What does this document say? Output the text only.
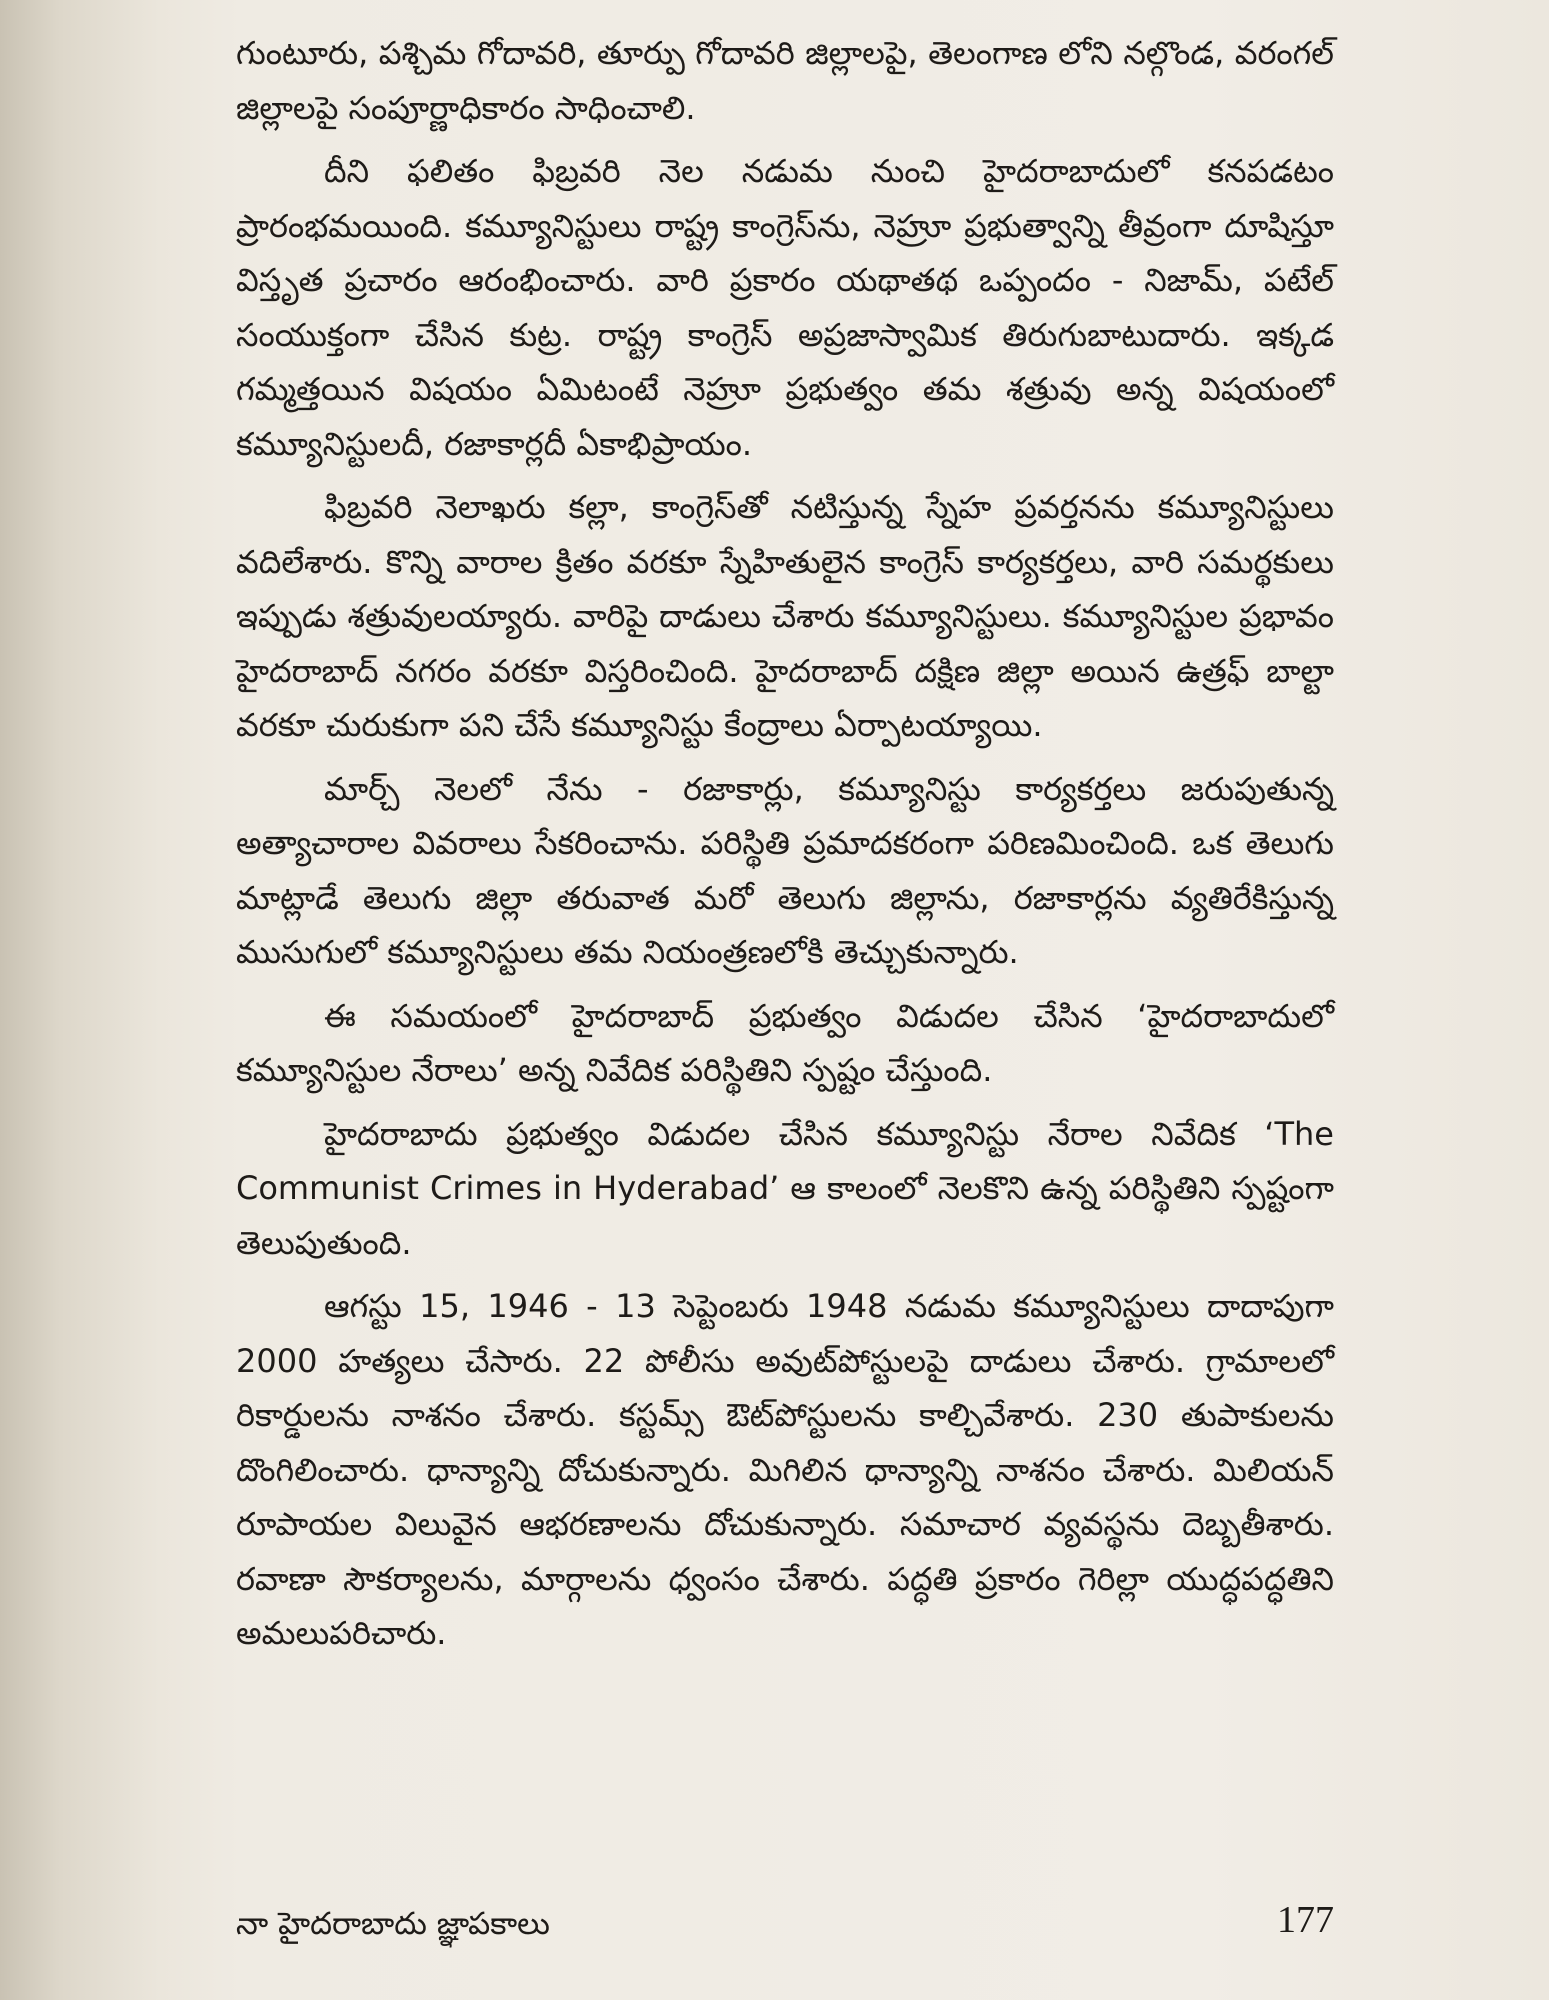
గుంటూరు, పశ్చిమ గోదావరి, తూర్పు గోదావరి జిల్లాలపై, తెలంగాణ లోని నల్గొండ, వరంగల్ జిల్లాలపై సంపూర్ణాధికారం సాధించాలి.

దీని ఫలితం ఫిబ్రవరి నెల నడుమ నుంచి హైదరాబాదులో కనపడటం ప్రారంభమయింది. కమ్యూనిస్టులు రాష్ట్ర కాంగ్రెస్‌ను, నెహ్రూ ప్రభుత్వాన్ని తీవ్రంగా దూషిస్తూ విస్తృత ప్రచారం ఆరంభించారు. వారి ప్రకారం యథాతథ ఒప్పందం - నిజామ్, పటేల్ సంయుక్తంగా చేసిన కుట్ర. రాష్ట్ర కాంగ్రెస్ అప్రజాస్వామిక తిరుగుబాటుదారు. ఇక్కడ గమ్మత్తయిన విషయం ఏమిటంటే నెహ్రూ ప్రభుత్వం తమ శత్రువు అన్న విషయంలో కమ్యూనిస్టులదీ, రజాకార్లదీ ఏకాభిప్రాయం.

ఫిబ్రవరి నెలాఖరు కల్లా, కాంగ్రెస్‌తో నటిస్తున్న స్నేహ ప్రవర్తనను కమ్యూనిస్టులు వదిలేశారు. కొన్ని వారాల క్రితం వరకూ స్నేహితులైన కాంగ్రెస్ కార్యకర్తలు, వారి సమర్థకులు ఇప్పుడు శత్రువులయ్యారు. వారిపై దాడులు చేశారు కమ్యూనిస్టులు. కమ్యూనిస్టుల ప్రభావం హైదరాబాద్ నగరం వరకూ విస్తరించింది. హైదరాబాద్ దక్షిణ జిల్లా అయిన ఉత్రఫ్ బాల్టా వరకూ చురుకుగా పని చేసే కమ్యూనిస్టు కేంద్రాలు ఏర్పాటయ్యాయి.

మార్చ్ నెలలో నేను - రజాకార్లు, కమ్యూనిస్టు కార్యకర్తలు జరుపుతున్న అత్యాచారాల వివరాలు సేకరించాను. పరిస్థితి ప్రమాదకరంగా పరిణమించింది. ఒక తెలుగు మాట్లాడే తెలుగు జిల్లా తరువాత మరో తెలుగు జిల్లాను, రజాకార్లను వ్యతిరేకిస్తున్న ముసుగులో కమ్యూనిస్టులు తమ నియంత్రణలోకి తెచ్చుకున్నారు.

ఈ సమయంలో హైదరాబాద్ ప్రభుత్వం విడుదల చేసిన ‘హైదరాబాదులో కమ్యూనిస్టుల నేరాలు’ అన్న నివేదిక పరిస్థితిని స్పష్టం చేస్తుంది.

హైదరాబాదు ప్రభుత్వం విడుదల చేసిన కమ్యూనిస్టు నేరాల నివేదిక ‘The Communist Crimes in Hyderabad’ ఆ కాలంలో నెలకొని ఉన్న పరిస్థితిని స్పష్టంగా తెలుపుతుంది.

ఆగస్టు 15, 1946 - 13 సెప్టెంబరు 1948 నడుమ కమ్యూనిస్టులు దాదాపుగా 2000 హత్యలు చేసారు. 22 పోలీసు అవుట్‌పోస్టులపై దాడులు చేశారు. గ్రామాలలో రికార్డులను నాశనం చేశారు. కస్టమ్స్ ఔట్‌పోస్టులను కాల్చివేశారు. 230 తుపాకులను దొంగిలించారు. ధాన్యాన్ని దోచుకున్నారు. మిగిలిన ధాన్యాన్ని నాశనం చేశారు. మిలియన్ రూపాయల విలువైన ఆభరణాలను దోచుకున్నారు. సమాచార వ్యవస్థను దెబ్బతీశారు. రవాణా సౌకర్యాలను, మార్గాలను ధ్వంసం చేశారు. పద్ధతి ప్రకారం గెరిల్లా యుద్ధపద్ధతిని అమలుపరిచారు.

నా హైదరాబాదు జ్ఞాపకాలు	177
